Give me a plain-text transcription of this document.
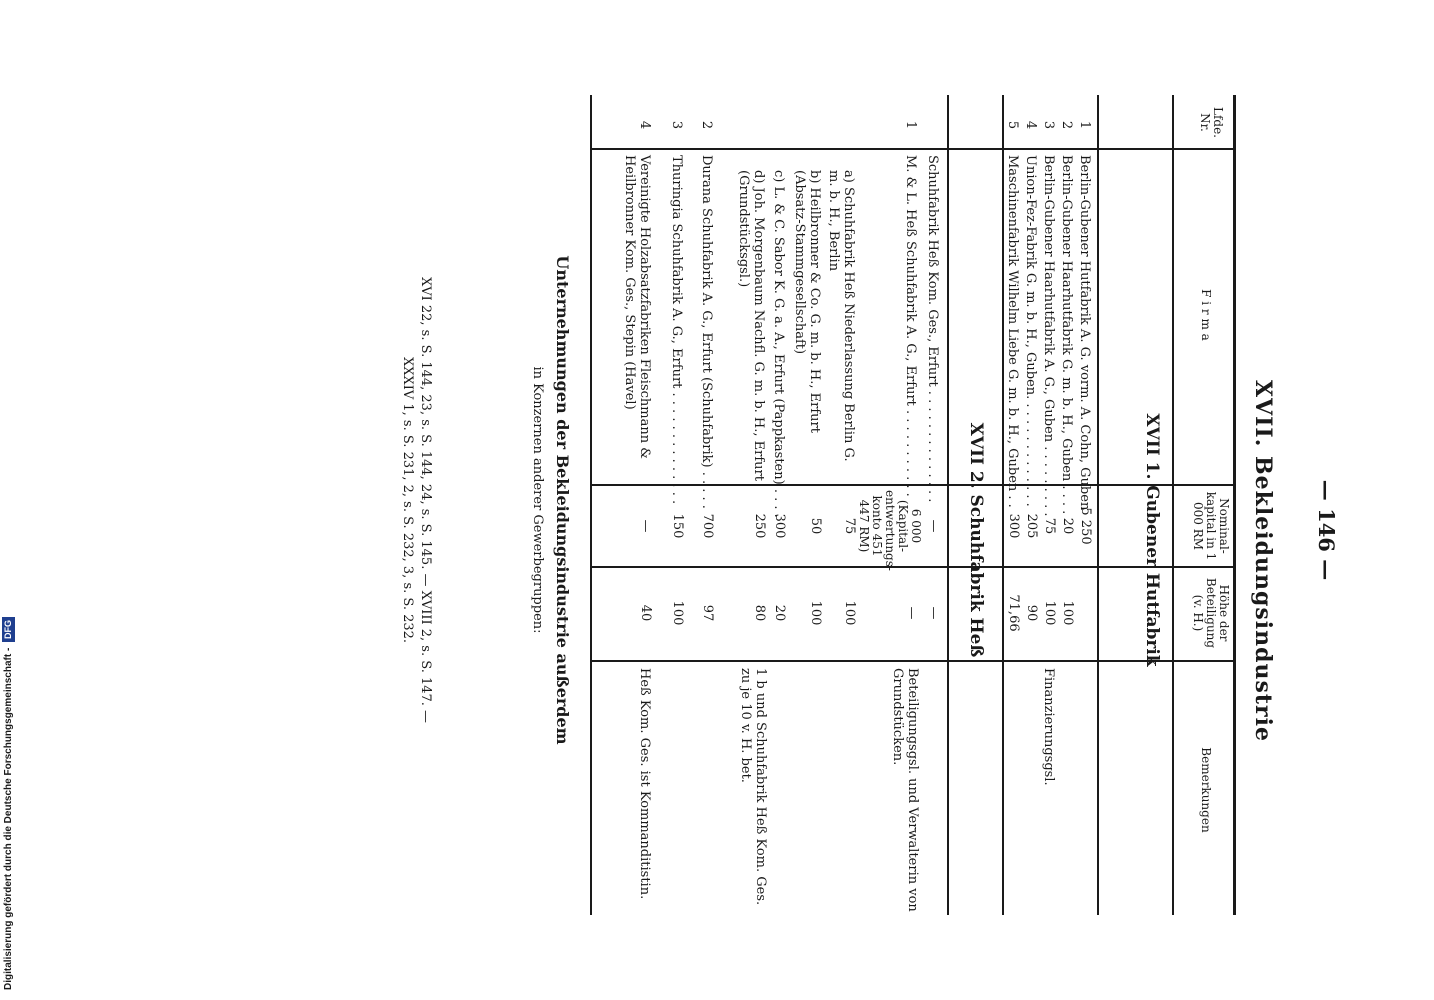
— 146 —
XVII. Bekleidungsindustrie
Lfde. Nr.
F i r m a
Nominal-kapital in 1 000 RM
Höhe der Beteiligung (v. H.)
Bemerkungen
XVII 1. Gubener Hutfabrik
1
Berlin-Gubener Hutfabrik A. G. vorm. A. Cohn, Guben
5 250
2
Berlin-Gubener Haarhutfabrik G. m. b. H., Guben . . . .
20
100
3
Berlin-Gubener Haarhutfabrik A. G., Guben . . . . . . . . .
75
100
Finanzierungsgsl.
4
Union-Fez-Fabrik G. m. b. H., Guben. . . . . . . . . . . . . .
205
90
5
Maschinenfabrik Wilhelm Liebe G. m. b. H., Guben . .
300
71,66
XVII 2. Schuhfabrik Heß
Schuhfabrik Heß Kom. Ges., Erfurt . . . . . . . . . . . . . .
—
—
1
M. & L. Heß Schuhfabrik A. G., Erfurt . . . . . . . . . . .
6 000 (Kapital-entwertungs-konto 451 447 RM)
—
Beteiligungsgsl. und Verwalterin von Grundstücken.
a) Schuhfabrik Heß Niederlassung Berlin G. m. b. H., Berlin
75
100
b) Heilbronner & Co. G. m. b. H., Erfurt (Absatz-Stammgesellschaft)
50
100
c) L. & C. Sabor K. G. a. A., Erfurt (Pappkasten) . . . .
300
20
d) Joh. Morgenbaum Nachfl. G. m. b. H., Erfurt (Grundstücksgsl.)
250
80
1 b und Schuhfabrik Heß Kom. Ges. zu je 10 v. H. bet.
2
Durana Schuhfabrik A. G., Erfurt (Schuhfabrik) . . . . .
700
97
3
Thuringia Schuhfabrik A. G., Erfurt . . . . . . . . . . . . . .
150
100
4
Vereinigte Holzabsatzfabriken Fleischmann & Heilbronner Kom. Ges., Stepin (Havel)
—
40
Heß Kom. Ges. ist Kommanditistin.
Unternehmungen der Bekleidungsindustrie außerdem
in Konzernen anderer Gewerbegruppen:
XVI 22, s. S. 144, 23, s. S. 144, 24, s. S. 145. — XVIII 2, s. S. 147. —
XXXIV 1, s. S. 231, 2, s. S. 232, 3, s. S. 232.
Digitalisierung gefördert durch die Deutsche Forschungsgemeinschaft - DFG
